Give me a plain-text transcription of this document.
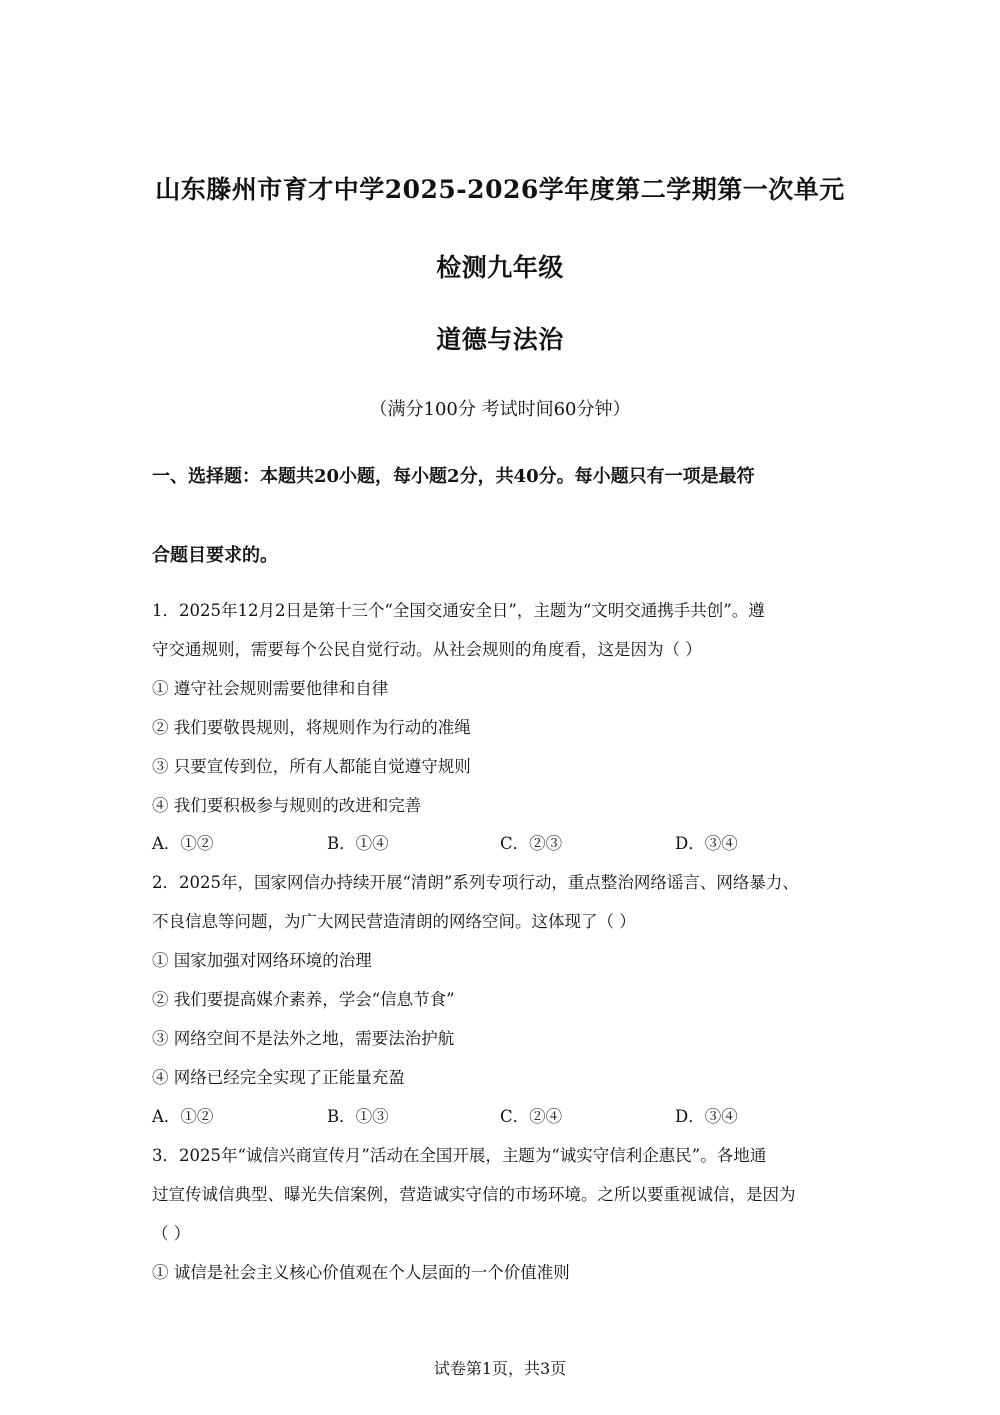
山东滕州市育才中学2025-2026学年度第二学期第一次单元
检测九年级
道德与法治
（满分100分 考试时间60分钟）
一、选择题：本题共20小题，每小题2分，共40分。每小题只有一项是最符
合题目要求的。
1．2025年12月2日是第十三个“全国交通安全日”，主题为“文明交通携手共创”。遵
守交通规则，需要每个公民自觉行动。从社会规则的角度看，这是因为（ ）
① 遵守社会规则需要他律和自律
② 我们要敬畏规则，将规则作为行动的准绳
③ 只要宣传到位，所有人都能自觉遵守规则
④ 我们要积极参与规则的改进和完善
A．①②	B．①④	C．②③	D．③④
2．2025年，国家网信办持续开展“清朗”系列专项行动，重点整治网络谣言、网络暴力、
不良信息等问题，为广大网民营造清朗的网络空间。这体现了（ ）
① 国家加强对网络环境的治理
② 我们要提高媒介素养，学会“信息节食”
③ 网络空间不是法外之地，需要法治护航
④ 网络已经完全实现了正能量充盈
A．①②	B．①③	C．②④	D．③④
3．2025年“诚信兴商宣传月”活动在全国开展，主题为“诚实守信利企惠民”。各地通
过宣传诚信典型、曝光失信案例，营造诚实守信的市场环境。之所以要重视诚信，是因为
（ ）
① 诚信是社会主义核心价值观在个人层面的一个价值准则
试卷第1页，共3页
